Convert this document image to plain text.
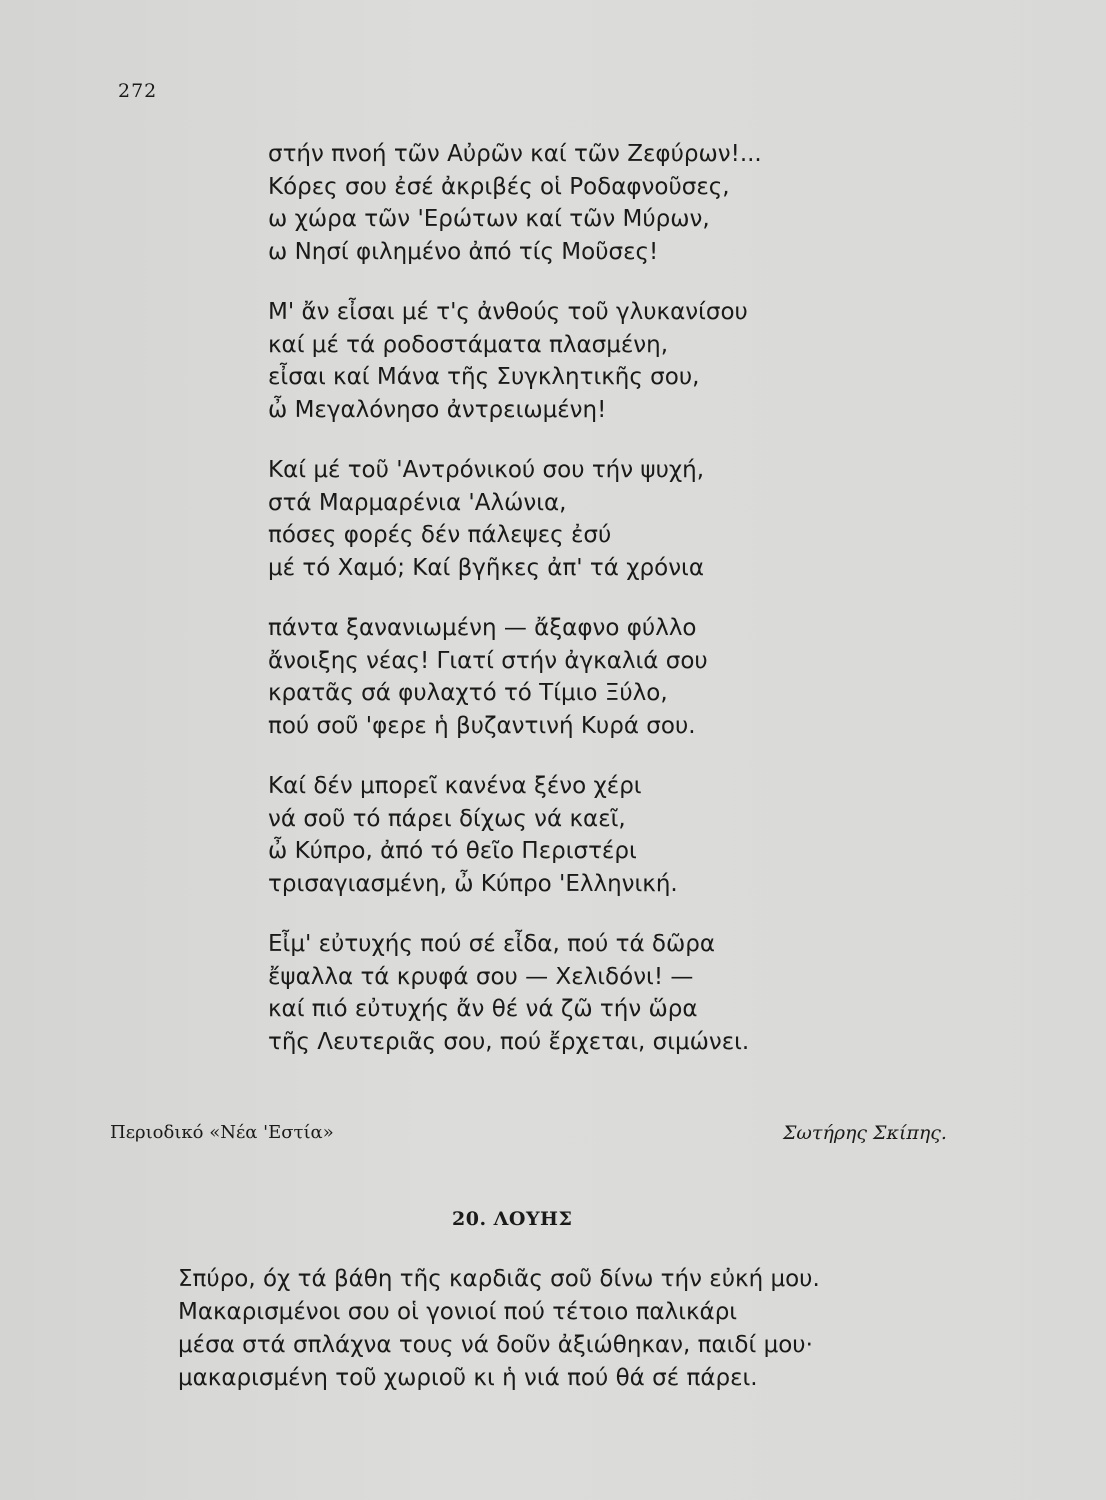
272
στήν πνοή τῶν Αὐρῶν καί τῶν Ζεφύρων!...
Κόρες σου ἐσέ ἀκριβές οἱ Ροδαφνοῦσες,
ω χώρα τῶν 'Ερώτων καί τῶν Μύρων,
ω Νησί φιλημένο ἀπό τίς Μοῦσες!
Μ' ἄν εἶσαι μέ τ'ς ἀνθούς τοῦ γλυκανίσου
καί μέ τά ροδοστάματα πλασμένη,
εἶσαι καί Μάνα τῆς Συγκλητικῆς σου,
ὦ Μεγαλόνησο ἀντρειωμένη!
Καί μέ τοῦ 'Αντρόνικού σου τήν ψυχή,
στά Μαρμαρένια 'Αλώνια,
πόσες φορές δέν πάλεψες ἐσύ
μέ τό Χαμό; Καί βγῆκες ἀπ' τά χρόνια
πάντα ξανανιωμένη — ἄξαφνο φύλλο
ἄνοιξης νέας! Γιατί στήν ἀγκαλιά σου
κρατᾶς σά φυλαχτό τό Τίμιο Ξύλο,
πού σοῦ 'φερε ἡ βυζαντινή Κυρά σου.
Καί δέν μπορεῖ κανένα ξένο χέρι
νά σοῦ τό πάρει δίχως νά καεῖ,
ὦ Κύπρο, ἀπό τό θεῖο Περιστέρι
τρισαγιασμένη, ὦ Κύπρο 'Ελληνική.
Εἶμ' εὐτυχής πού σέ εἶδα, πού τά δῶρα
ἔψαλλα τά κρυφά σου — Χελιδόνι! —
καί πιό εὐτυχής ἄν θέ νά ζῶ τήν ὥρα
τῆς Λευτεριᾶς σου, πού ἔρχεται, σιμώνει.
Περιοδικό «Νέα 'Εστία»	Σωτήρης Σκίπης.
20. ΛΟΥΗΣ
Σπύρο, όχ τά βάθη τῆς καρδιᾶς σοῦ δίνω τήν εὐκή μου.
Μακαρισμένοι σου οἱ γονιοί πού τέτοιο παλικάρι
μέσα στά σπλάχνα τους νά δοῦν ἀξιώθηκαν, παιδί μου·
μακαρισμένη τοῦ χωριοῦ κι ἡ νιά πού θά σέ πάρει.
